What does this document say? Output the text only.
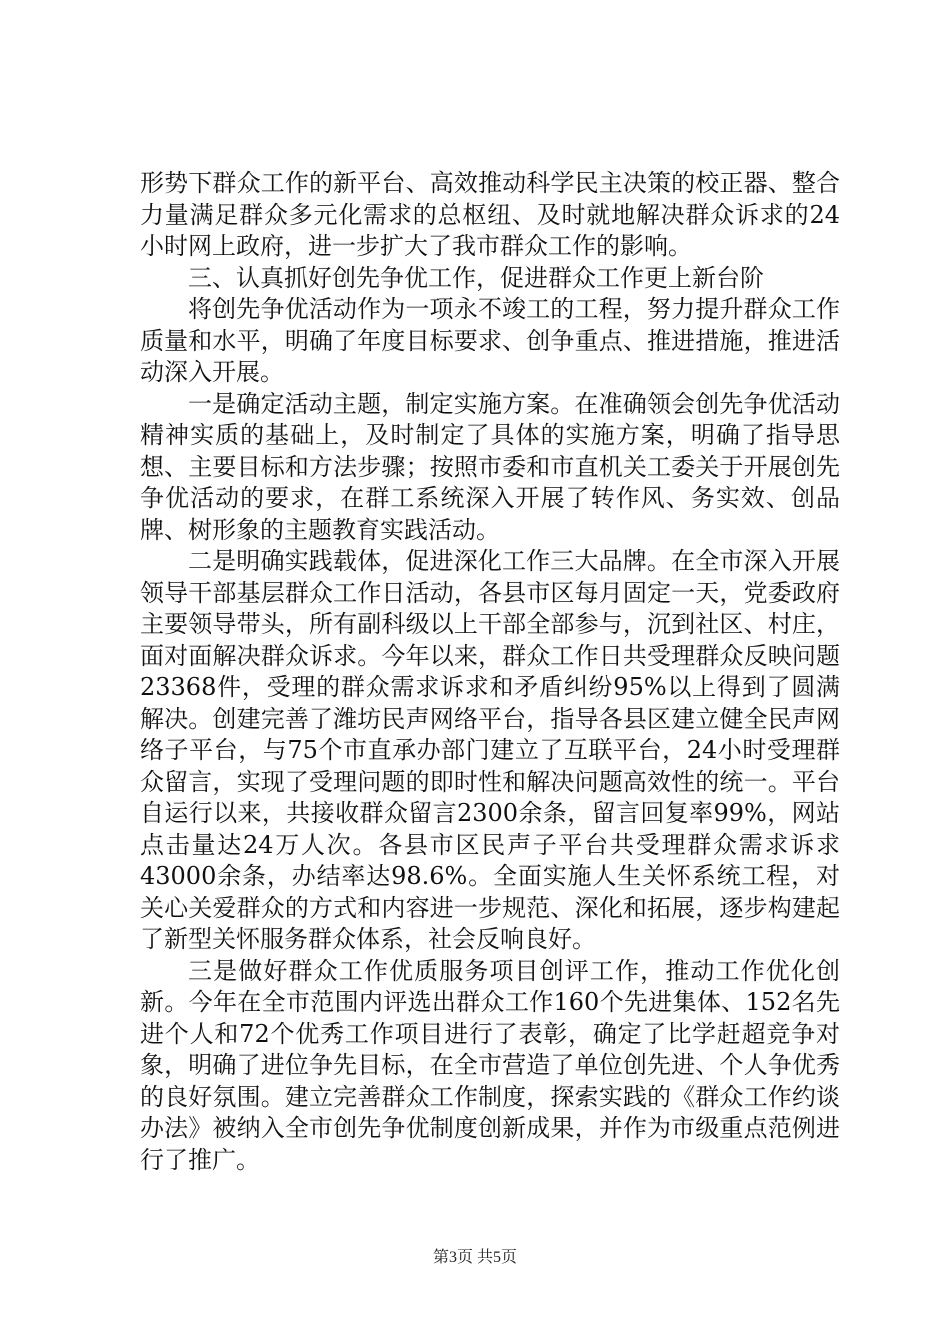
形势下群众工作的新平台、高效推动科学民主决策的校正器、整合力量满足群众多元化需求的总枢纽、及时就地解决群众诉求的24小时网上政府，进一步扩大了我市群众工作的影响。

三、认真抓好创先争优工作，促进群众工作更上新台阶

将创先争优活动作为一项永不竣工的工程，努力提升群众工作质量和水平，明确了年度目标要求、创争重点、推进措施，推进活动深入开展。

一是确定活动主题，制定实施方案。在准确领会创先争优活动精神实质的基础上，及时制定了具体的实施方案，明确了指导思想、主要目标和方法步骤；按照市委和市直机关工委关于开展创先争优活动的要求，在群工系统深入开展了转作风、务实效、创品牌、树形象的主题教育实践活动。

二是明确实践载体，促进深化工作三大品牌。在全市深入开展领导干部基层群众工作日活动，各县市区每月固定一天，党委政府主要领导带头，所有副科级以上干部全部参与，沉到社区、村庄，面对面解决群众诉求。今年以来，群众工作日共受理群众反映问题23368件，受理的群众需求诉求和矛盾纠纷95%以上得到了圆满解决。创建完善了潍坊民声网络平台，指导各县区建立健全民声网络子平台，与75个市直承办部门建立了互联平台，24小时受理群众留言，实现了受理问题的即时性和解决问题高效性的统一。平台自运行以来，共接收群众留言2300余条，留言回复率99%，网站点击量达24万人次。各县市区民声子平台共受理群众需求诉求43000余条，办结率达98.6%。全面实施人生关怀系统工程，对关心关爱群众的方式和内容进一步规范、深化和拓展，逐步构建起了新型关怀服务群众体系，社会反响良好。

三是做好群众工作优质服务项目创评工作，推动工作优化创新。今年在全市范围内评选出群众工作160个先进集体、152名先进个人和72个优秀工作项目进行了表彰，确定了比学赶超竞争对象，明确了进位争先目标，在全市营造了单位创先进、个人争优秀的良好氛围。建立完善群众工作制度，探索实践的《群众工作约谈办法》被纳入全市创先争优制度创新成果，并作为市级重点范例进行了推广。

第3页 共5页
